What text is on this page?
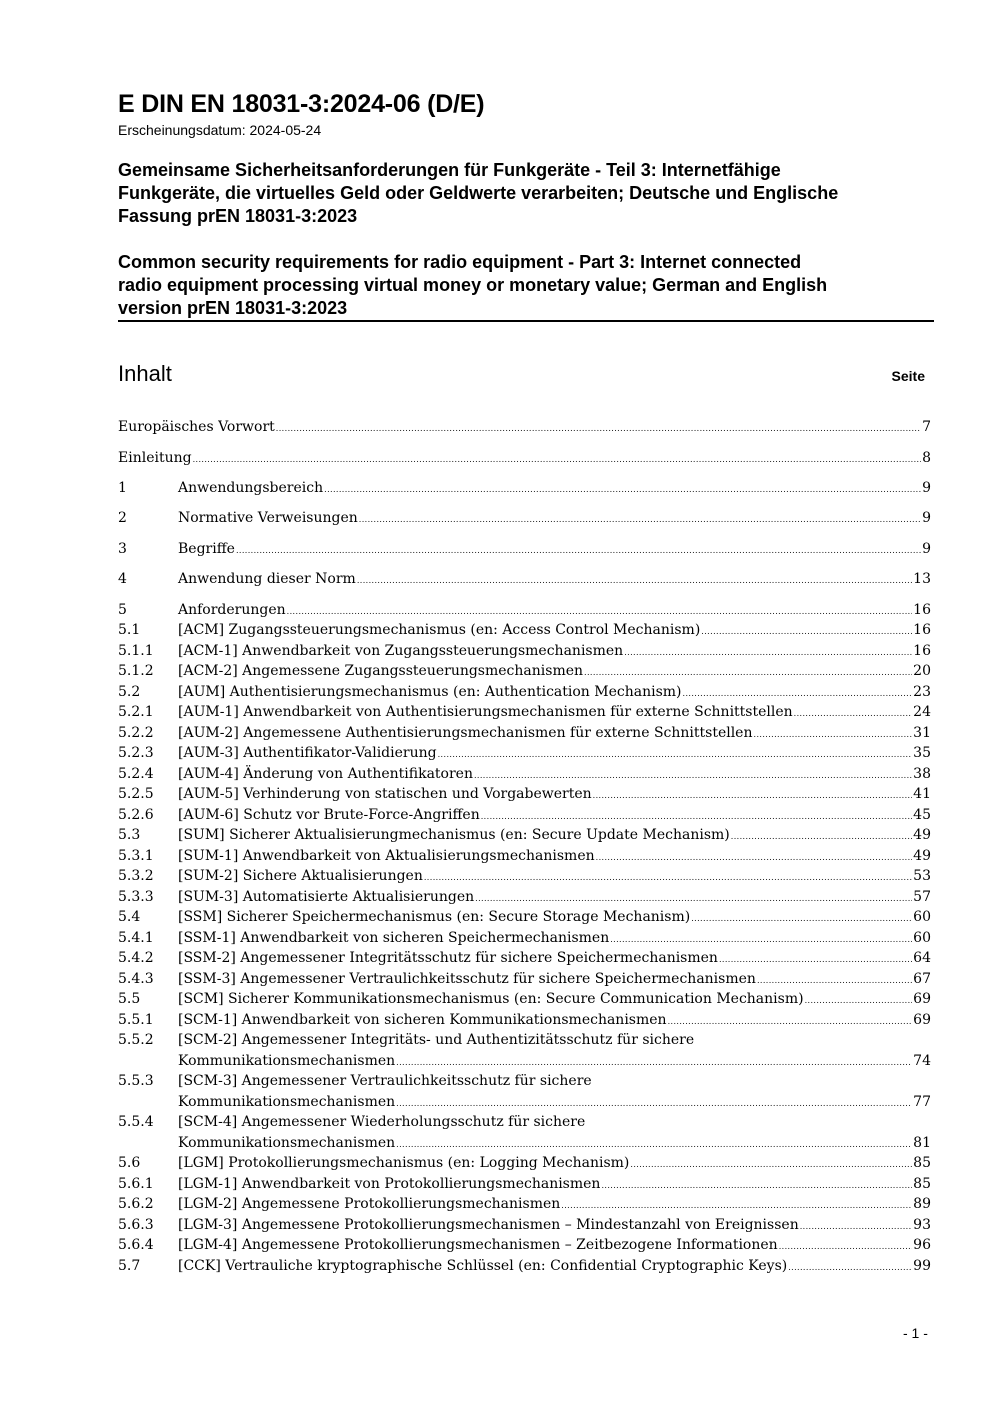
E DIN EN 18031-3:2024-06 (D/E)
Erscheinungsdatum: 2024-05-24
Gemeinsame Sicherheitsanforderungen für Funkgeräte - Teil 3: Internetfähige
Funkgeräte, die virtuelles Geld oder Geldwerte verarbeiten; Deutsche und Englische
Fassung prEN 18031-3:2023
Common security requirements for radio equipment - Part 3: Internet connected
radio equipment processing virtual money or monetary value; German and English
version prEN 18031-3:2023
Inhalt	Seite
Europäisches Vorwort .....	7
Einleitung .....	8
1	Anwendungsbereich .....	9
2	Normative Verweisungen .....	9
3	Begriffe .....	9
4	Anwendung dieser Norm .....	13
5	Anforderungen .....	16
5.1	[ACM] Zugangssteuerungsmechanismus (en: Access Control Mechanism) .....	16
5.1.1 [ACM-1] Anwendbarkeit von Zugangssteuerungsmechanismen .....	16
5.1.2 [ACM-2] Angemessene Zugangssteuerungsmechanismen .....	20
5.2	[AUM] Authentisierungsmechanismus (en: Authentication Mechanism) .....	23
5.2.1 [AUM-1] Anwendbarkeit von Authentisierungsmechanismen für externe Schnittstellen .....	24
5.2.2 [AUM-2] Angemessene Authentisierungsmechanismen für externe Schnittstellen .....	31
5.2.3 [AUM-3] Authentifikator-Validierung .....	35
5.2.4 [AUM-4] Änderung von Authentifikatoren .....	38
5.2.5 [AUM-5] Verhinderung von statischen und Vorgabewerten .....	41
5.2.6 [AUM-6] Schutz vor Brute-Force-Angriffen .....	45
5.3	[SUM] Sicherer Aktualisierungmechanismus (en: Secure Update Mechanism) .....	49
5.3.1 [SUM-1] Anwendbarkeit von Aktualisierungsmechanismen .....	49
5.3.2 [SUM-2] Sichere Aktualisierungen .....	53
5.3.3 [SUM-3] Automatisierte Aktualisierungen .....	57
5.4	[SSM] Sicherer Speichermechanismus (en: Secure Storage Mechanism) .....	60
5.4.1 [SSM-1] Anwendbarkeit von sicheren Speichermechanismen .....	60
5.4.2 [SSM-2] Angemessener Integritätsschutz für sichere Speichermechanismen .....	64
5.4.3 [SSM-3] Angemessener Vertraulichkeitsschutz für sichere Speichermechanismen .....	67
5.5	[SCM] Sicherer Kommunikationsmechanismus (en: Secure Communication Mechanism) .....	69
5.5.1 [SCM-1] Anwendbarkeit von sicheren Kommunikationsmechanismen .....	69
5.5.2 [SCM-2] Angemessener Integritäts- und Authentizitätsschutz für sichere
Kommunikationsmechanismen .....	74
5.5.3 [SCM-3] Angemessener Vertraulichkeitsschutz für sichere
Kommunikationsmechanismen .....	77
5.5.4 [SCM-4] Angemessener Wiederholungsschutz für sichere
Kommunikationsmechanismen .....	81
5.6	[LGM] Protokollierungsmechanismus (en: Logging Mechanism) .....	85
5.6.1 [LGM-1] Anwendbarkeit von Protokollierungsmechanismen .....	85
5.6.2 [LGM-2] Angemessene Protokollierungsmechanismen .....	89
5.6.3 [LGM-3] Angemessene Protokollierungsmechanismen – Mindestanzahl von Ereignissen .....	93
5.6.4 [LGM-4] Angemessene Protokollierungsmechanismen – Zeitbezogene Informationen .....	96
5.7	[CCK] Vertrauliche kryptographische Schlüssel (en: Confidential Cryptographic Keys) .....	99
- 1 -
